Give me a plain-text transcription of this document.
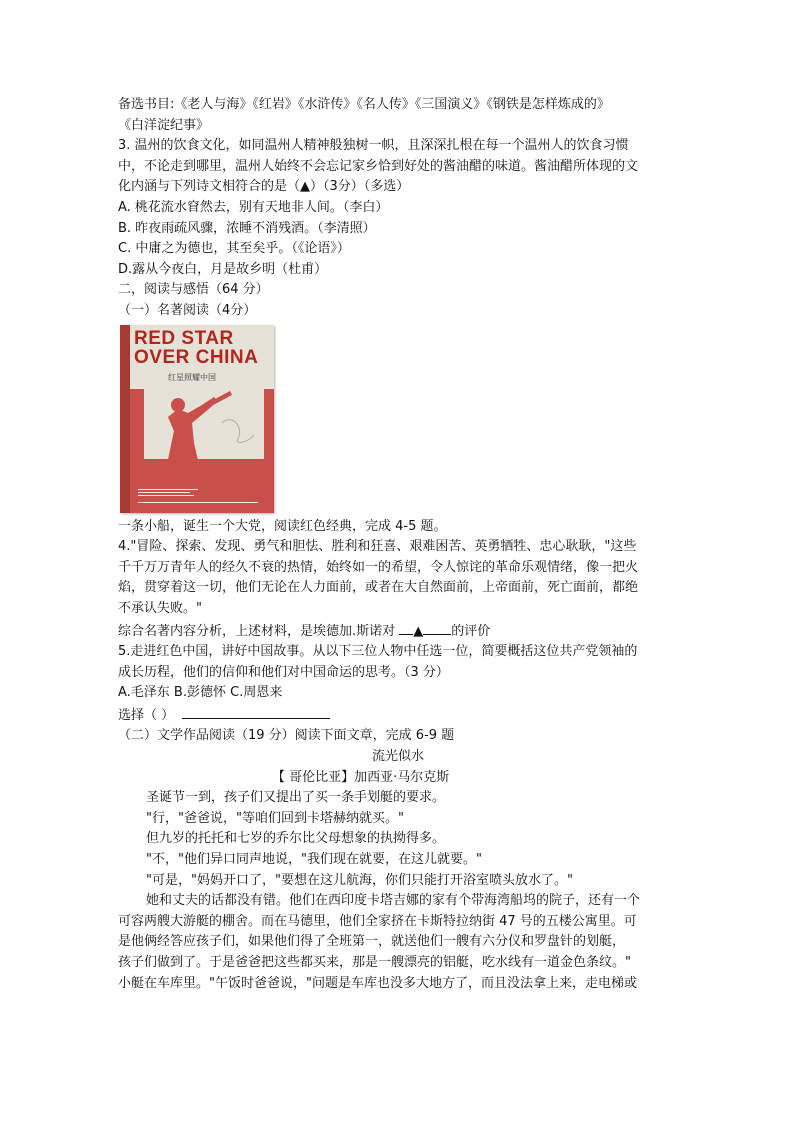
备选书目:《老人与海》《红岩》《水浒传》《名人传》《三国演义》《钢铁是怎样炼成的》
《白洋淀纪事》
3. 温州的饮食文化，如同温州人精神般独树一帜，且深深扎根在每一个温州人的饮食习惯
中，不论走到哪里，温州人始终不会忘记家乡恰到好处的酱油醋的味道。酱油醋所体现的文
化内涵与下列诗文相符合的是（▲）（3分）（多选）
A. 桃花流水窅然去，别有天地非人间。（李白）
B. 昨夜雨疏风骤，浓睡不消残酒。（李清照）
C. 中庸之为德也，其至矣乎。（《论语》）
D.露从今夜白，月是故乡明（杜甫）
二，阅读与感悟（64 分）
（一）名著阅读（4分）
RED STAR
OVER CHINA
红星照耀中国
一条小船，诞生一个大党，阅读红色经典，完成 4-5 题。
4."冒险、探索、发现、勇气和胆怯、胜利和狂喜、艰难困苦、英勇牺牲、忠心耿耿，"这些
千千万万青年人的经久不衰的热情，始终如一的希望，令人惊诧的革命乐观情绪，像一把火
焰，贯穿着这一切，他们无论在人力面前，或者在大自然面前，上帝面前，死亡面前，都绝
不承认失败。"
综合名著内容分析，上述材料，是埃德加.斯诺对 ▲ 的评价
5.走进红色中国，讲好中国故事。从以下三位人物中任选一位，简要概括这位共产党领袖的
成长历程，他们的信仰和他们对中国命运的思考。（3 分）
A.毛泽东 B.彭德怀 C.周恩来
选择（ ）
（二）文学作品阅读（19 分）阅读下面文章，完成 6-9 题
流光似水
【 哥伦比亚】加西亚·马尔克斯
圣诞节一到，孩子们又提出了买一条手划艇的要求。
"行，"爸爸说，"等咱们回到卡塔赫纳就买。"
但九岁的托托和七岁的乔尔比父母想象的执拗得多。
"不，"他们异口同声地说，"我们现在就要，在这儿就要。"
"可是，"妈妈开口了，"要想在这儿航海，你们只能打开浴室喷头放水了。"
她和丈夫的话都没有错。他们在西印度卡塔吉娜的家有个带海湾船坞的院子，还有一个
可容两艘大游艇的棚舍。而在马德里，他们全家挤在卡斯特拉纳街 47 号的五楼公寓里。可
是他俩经答应孩子们，如果他们得了全班第一，就送他们一艘有六分仪和罗盘针的划艇，
孩子们做到了。于是爸爸把这些都买来，那是一艘漂亮的铝艇，吃水线有一道金色条纹。"
小艇在车库里。"午饭时爸爸说，"问题是车库也没多大地方了，而且没法拿上来，走电梯或
